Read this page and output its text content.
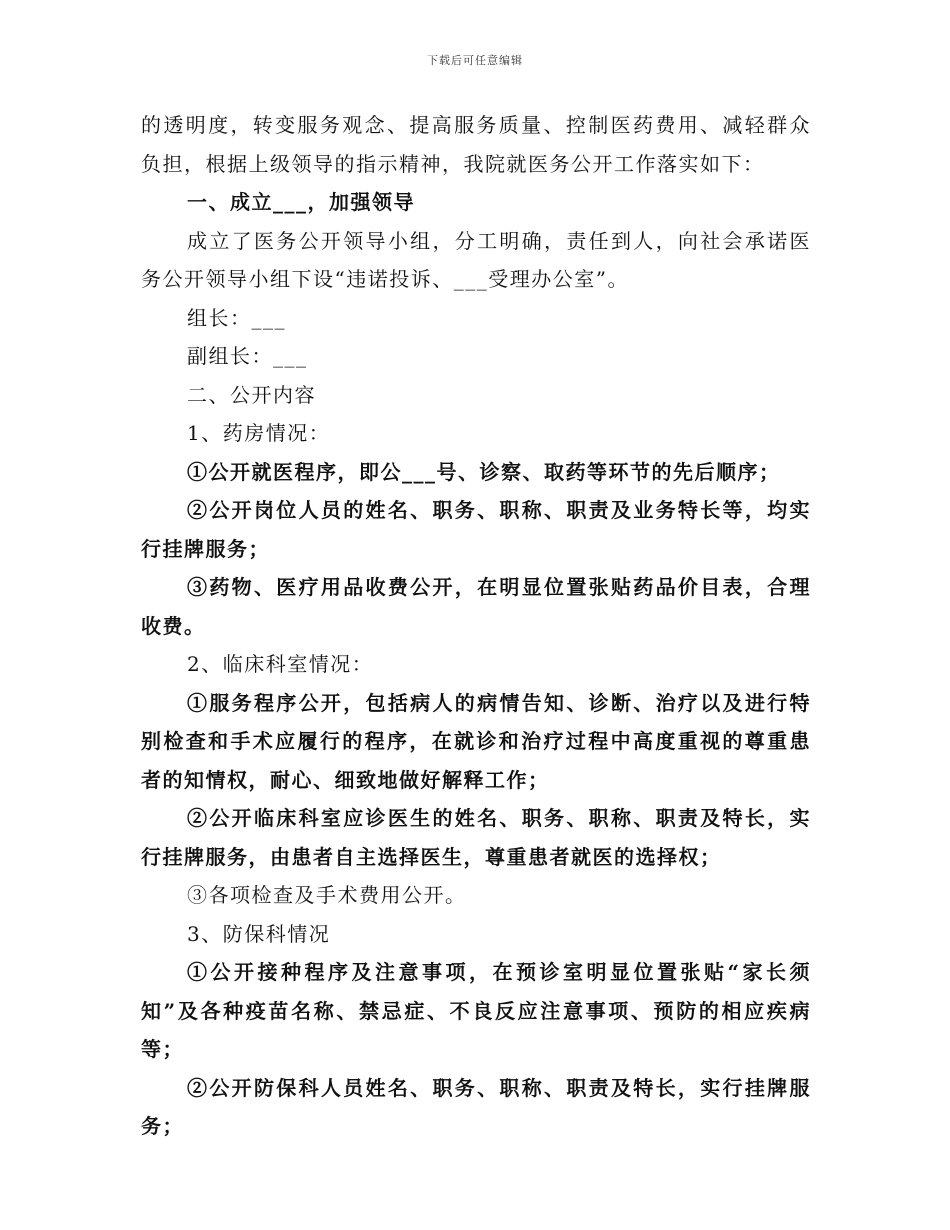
下载后可任意编辑
的透明度，转变服务观念、提高服务质量、控制医药费用、减轻群众
负担，根据上级领导的指示精神，我院就医务公开工作落实如下：
一、成立___，加强领导
成立了医务公开领导小组，分工明确，责任到人，向社会承诺医
务公开领导小组下设“违诺投诉、___受理办公室”。
组长：___
副组长：___
二、公开内容
1、药房情况：
①公开就医程序，即公___号、诊察、取药等环节的先后顺序；
②公开岗位人员的姓名、职务、职称、职责及业务特长等，均实
行挂牌服务；
③药物、医疗用品收费公开，在明显位置张贴药品价目表，合理
收费。
2、临床科室情况：
①服务程序公开，包括病人的病情告知、诊断、治疗以及进行特
别检查和手术应履行的程序，在就诊和治疗过程中高度重视的尊重患
者的知情权，耐心、细致地做好解释工作；
②公开临床科室应诊医生的姓名、职务、职称、职责及特长，实
行挂牌服务，由患者自主选择医生，尊重患者就医的选择权；
③各项检查及手术费用公开。
3、防保科情况
①公开接种程序及注意事项，在预诊室明显位置张贴“家长须
知”及各种疫苗名称、禁忌症、不良反应注意事项、预防的相应疾病
等；
②公开防保科人员姓名、职务、职称、职责及特长，实行挂牌服
务；
